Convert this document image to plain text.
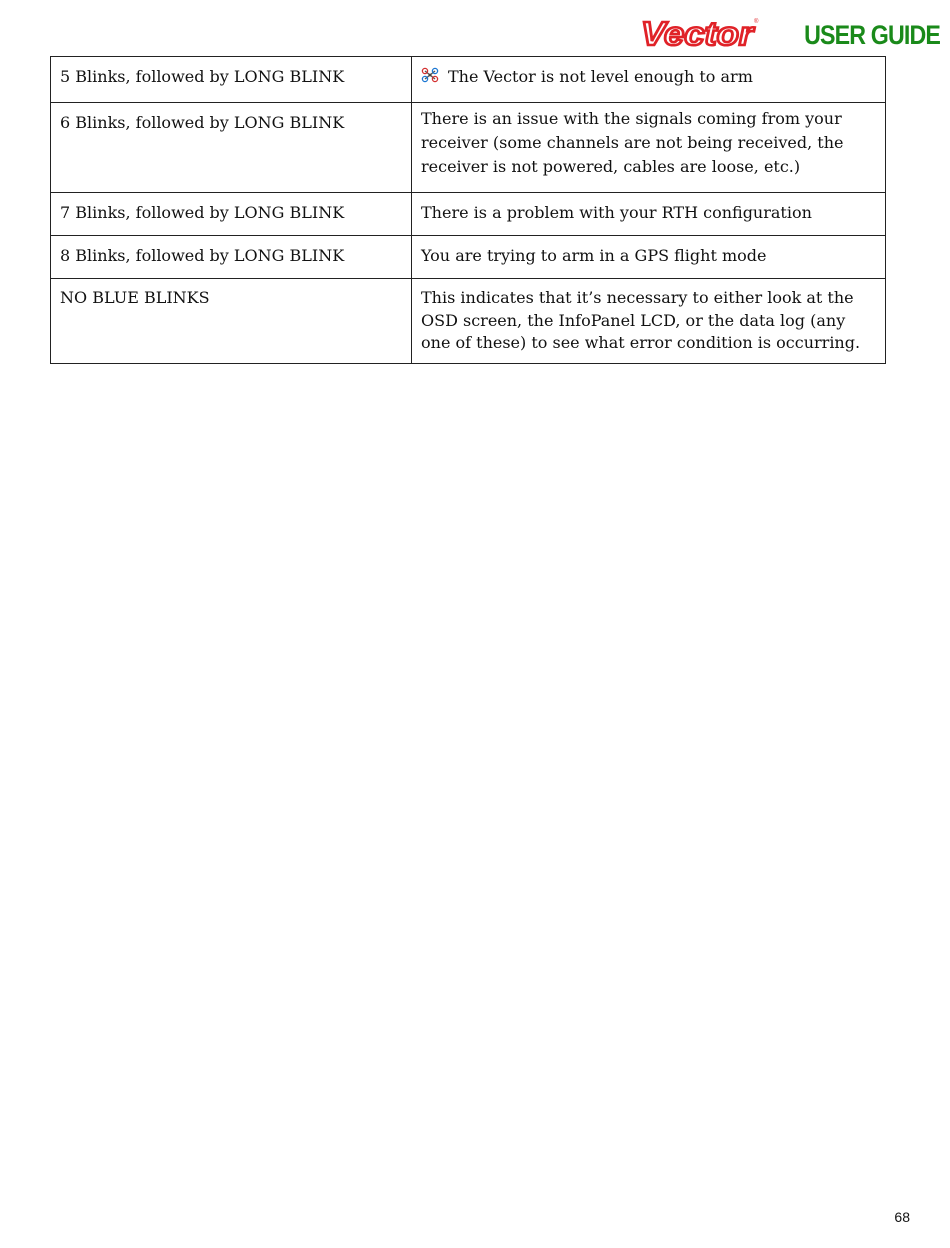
Vector
® USER GUIDE
5 Blinks, followed by LONG BLINK	The Vector is not level enough to arm
6 Blinks, followed by LONG BLINK	There is an issue with the signals coming from your receiver (some channels are not being received, the receiver is not powered, cables are loose, etc.)
7 Blinks, followed by LONG BLINK	There is a problem with your RTH configuration
8 Blinks, followed by LONG BLINK	You are trying to arm in a GPS flight mode
NO BLUE BLINKS	This indicates that it’s necessary to either look at the OSD screen, the InfoPanel LCD, or the data log (any one of these) to see what error condition is occurring.
68
